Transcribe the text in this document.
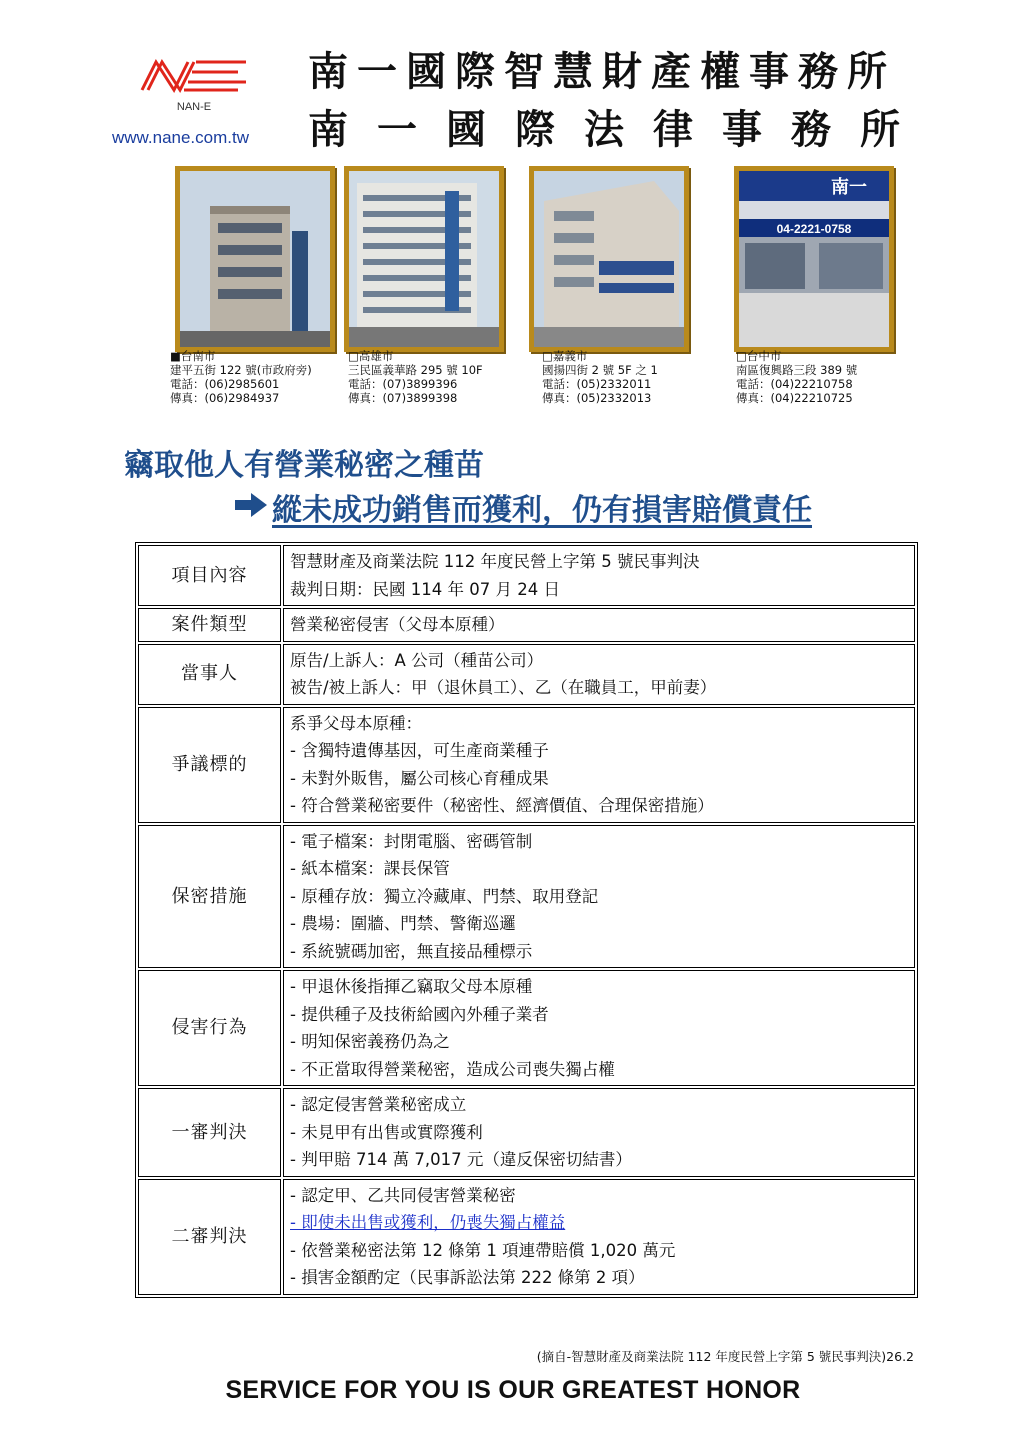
NAN-E
www.nane.com.tw
南一國際智慧財產權事務所
南一國際法律事務所
南一
04-2221-0758
■台南市
建平五街 122 號(市政府旁)
電話：(06)2985601
傳真：(06)2984937
□高雄市
三民區義華路 295 號 10F
電話：(07)3899396
傳真：(07)3899398
□嘉義市
國揚四街 2 號 5F 之 1
電話：(05)2332011
傳真：(05)2332013
□台中市
南區復興路三段 389 號
電話：(04)22210758
傳真：(04)22210725
竊取他人有營業秘密之種苗
縱未成功銷售而獲利，仍有損害賠償責任
項目內容	智慧財產及商業法院 112 年度民營上字第 5 號民事判決
裁判日期：民國 114 年 07 月 24 日

案件類型	營業秘密侵害（父母本原種）

當事人	原告/上訴人：A 公司（種苗公司）
被告/被上訴人：甲（退休員工）、乙（在職員工，甲前妻）

爭議標的	系爭父母本原種：
- 含獨特遺傳基因，可生產商業種子
- 未對外販售，屬公司核心育種成果
- 符合營業秘密要件（秘密性、經濟價值、合理保密措施）

保密措施	- 電子檔案：封閉電腦、密碼管制
- 紙本檔案：課長保管
- 原種存放：獨立冷藏庫、門禁、取用登記
- 農場：圍牆、門禁、警衛巡邏
- 系統號碼加密，無直接品種標示

侵害行為	- 甲退休後指揮乙竊取父母本原種
- 提供種子及技術給國內外種子業者
- 明知保密義務仍為之
- 不正當取得營業秘密，造成公司喪失獨占權

一審判決	- 認定侵害營業秘密成立
- 未見甲有出售或實際獲利
- 判甲賠 714 萬 7,017 元（違反保密切結書）

二審判決	- 認定甲、乙共同侵害營業秘密
- 即使未出售或獲利，仍喪失獨占權益
- 依營業秘密法第 12 條第 1 項連帶賠償 1,020 萬元
- 損害金額酌定（民事訴訟法第 222 條第 2 項）
(摘自-智慧財產及商業法院 112 年度民營上字第 5 號民事判決)26.2
SERVICE FOR YOU IS OUR GREATEST HONOR
